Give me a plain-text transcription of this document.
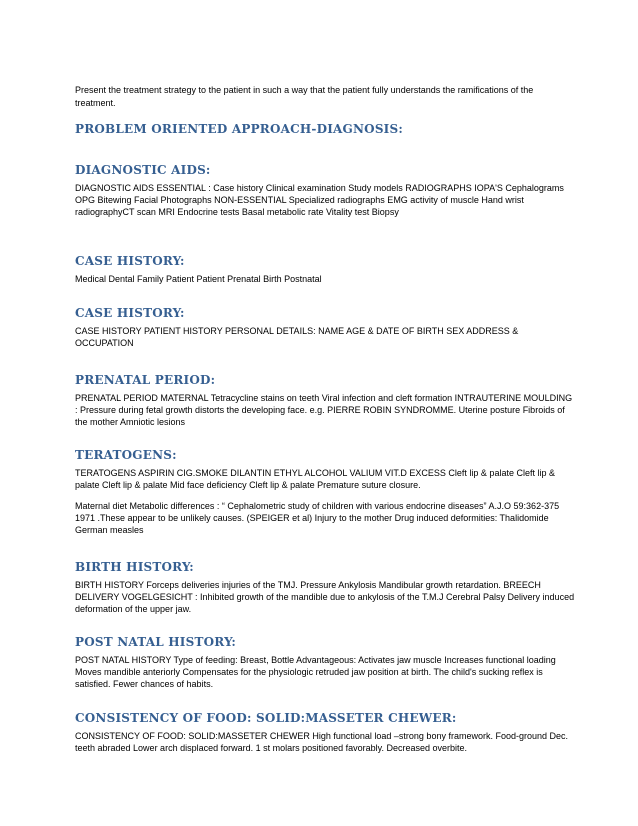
Present the treatment strategy to the patient in such a way that the patient fully understands the ramifications of the treatment.

PROBLEM ORIENTED APPROACH-DIAGNOSIS:
DIAGNOSTIC AIDS:

DIAGNOSTIC AIDS ESSENTIAL : Case history Clinical examination Study models RADIOGRAPHS IOPA'S Cephalograms OPG Bitewing Facial Photographs NON-ESSENTIAL Specialized radiographs EMG activity of muscle Hand wrist radiographyCT scan MRI Endocrine tests Basal metabolic rate Vitality test Biopsy

CASE HISTORY:

Medical Dental Family Patient Patient Prenatal Birth Postnatal

CASE HISTORY:

CASE HISTORY PATIENT HISTORY PERSONAL DETAILS: NAME AGE & DATE OF BIRTH SEX ADDRESS & OCCUPATION

PRENATAL PERIOD:

PRENATAL PERIOD MATERNAL Tetracycline stains on teeth Viral infection and cleft formation INTRAUTERINE MOULDING : Pressure during fetal growth distorts the developing face. e.g. PIERRE ROBIN SYNDROMME. Uterine posture Fibroids of the mother Amniotic lesions

TERATOGENS:

TERATOGENS ASPIRIN CIG.SMOKE DILANTIN ETHYL ALCOHOL VALIUM VIT.D EXCESS Cleft lip & palate Cleft lip & palate Cleft lip & palate Mid face deficiency Cleft lip & palate Premature suture closure.

Maternal diet Metabolic differences : “ Cephalometric study of children with various endocrine diseases” A.J.O 59:362-375 1971 .These appear to be unlikely causes. (SPEIGER et al) Injury to the mother Drug induced deformities: Thalidomide German measles

BIRTH HISTORY:

BIRTH HISTORY Forceps deliveries injuries of the TMJ. Pressure Ankylosis Mandibular growth retardation. BREECH DELIVERY VOGELGESICHT : Inhibited growth of the mandible due to ankylosis of the T.M.J Cerebral Palsy Delivery induced deformation of the upper jaw.

POST NATAL HISTORY:

POST NATAL HISTORY Type of feeding: Breast, Bottle Advantageous: Activates jaw muscle Increases functional loading Moves mandible anteriorly Compensates for the physiologic retruded jaw position at birth. The child's sucking reflex is satisfied. Fewer chances of habits.

CONSISTENCY OF FOOD: SOLID:MASSETER CHEWER:

CONSISTENCY OF FOOD: SOLID:MASSETER CHEWER High functional load –strong bony framework. Food-ground Dec. teeth abraded Lower arch displaced forward. 1 st molars positioned favorably. Decreased overbite.
